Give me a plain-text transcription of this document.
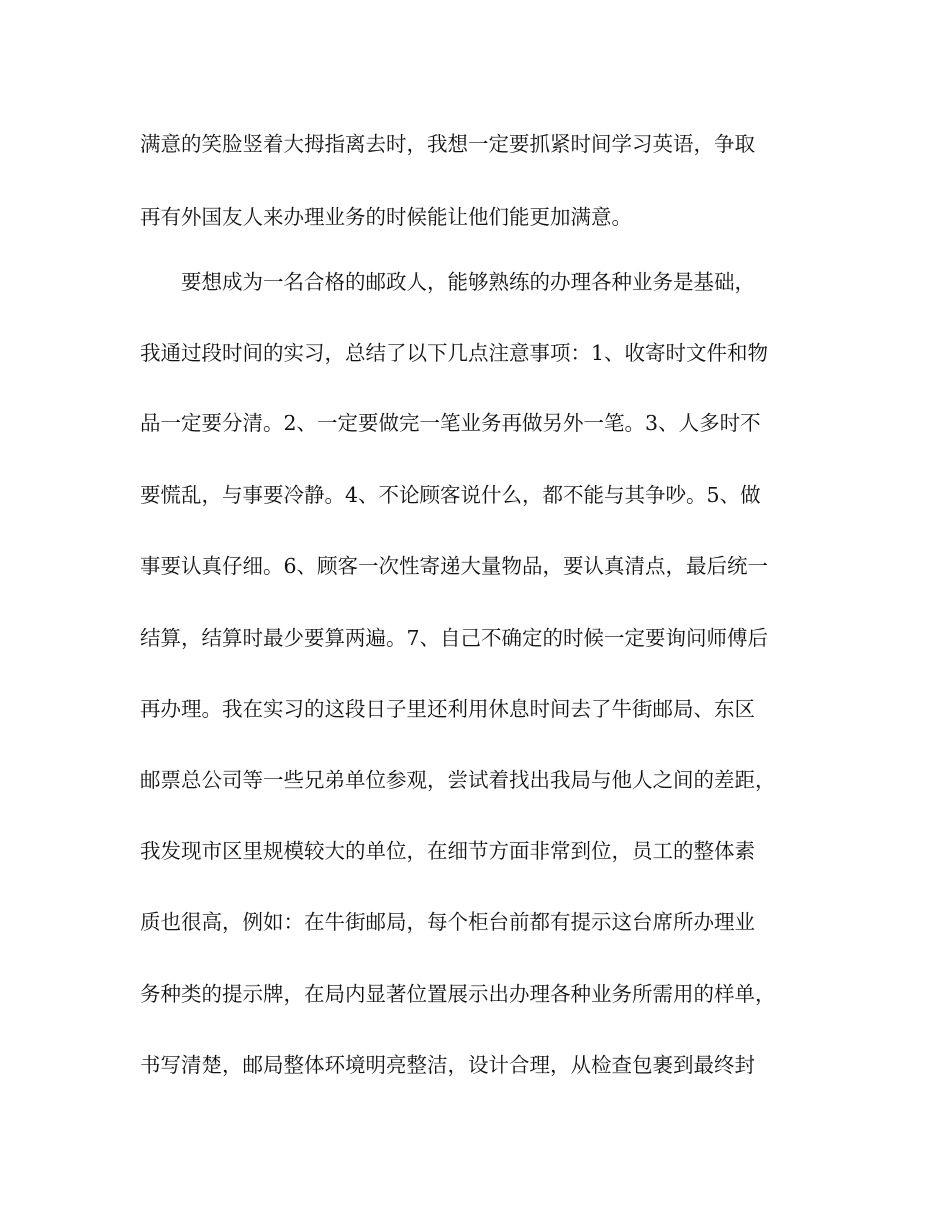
满意的笑脸竖着大拇指离去时，我想一定要抓紧时间学习英语，争取
再有外国友人来办理业务的时候能让他们能更加满意。
　　要想成为一名合格的邮政人，能够熟练的办理各种业务是基础，
我通过段时间的实习，总结了以下几点注意事项：1、收寄时文件和物
品一定要分清。2、一定要做完一笔业务再做另外一笔。3、人多时不
要慌乱，与事要冷静。4、不论顾客说什么，都不能与其争吵。5、做
事要认真仔细。6、顾客一次性寄递大量物品，要认真清点，最后统一
结算，结算时最少要算两遍。7、自己不确定的时候一定要询问师傅后
再办理。我在实习的这段日子里还利用休息时间去了牛街邮局、东区
邮票总公司等一些兄弟单位参观，尝试着找出我局与他人之间的差距，
我发现市区里规模较大的单位，在细节方面非常到位，员工的整体素
质也很高，例如：在牛街邮局，每个柜台前都有提示这台席所办理业
务种类的提示牌，在局内显著位置展示出办理各种业务所需用的样单，
书写清楚，邮局整体环境明亮整洁，设计合理，从检查包裹到最终封
